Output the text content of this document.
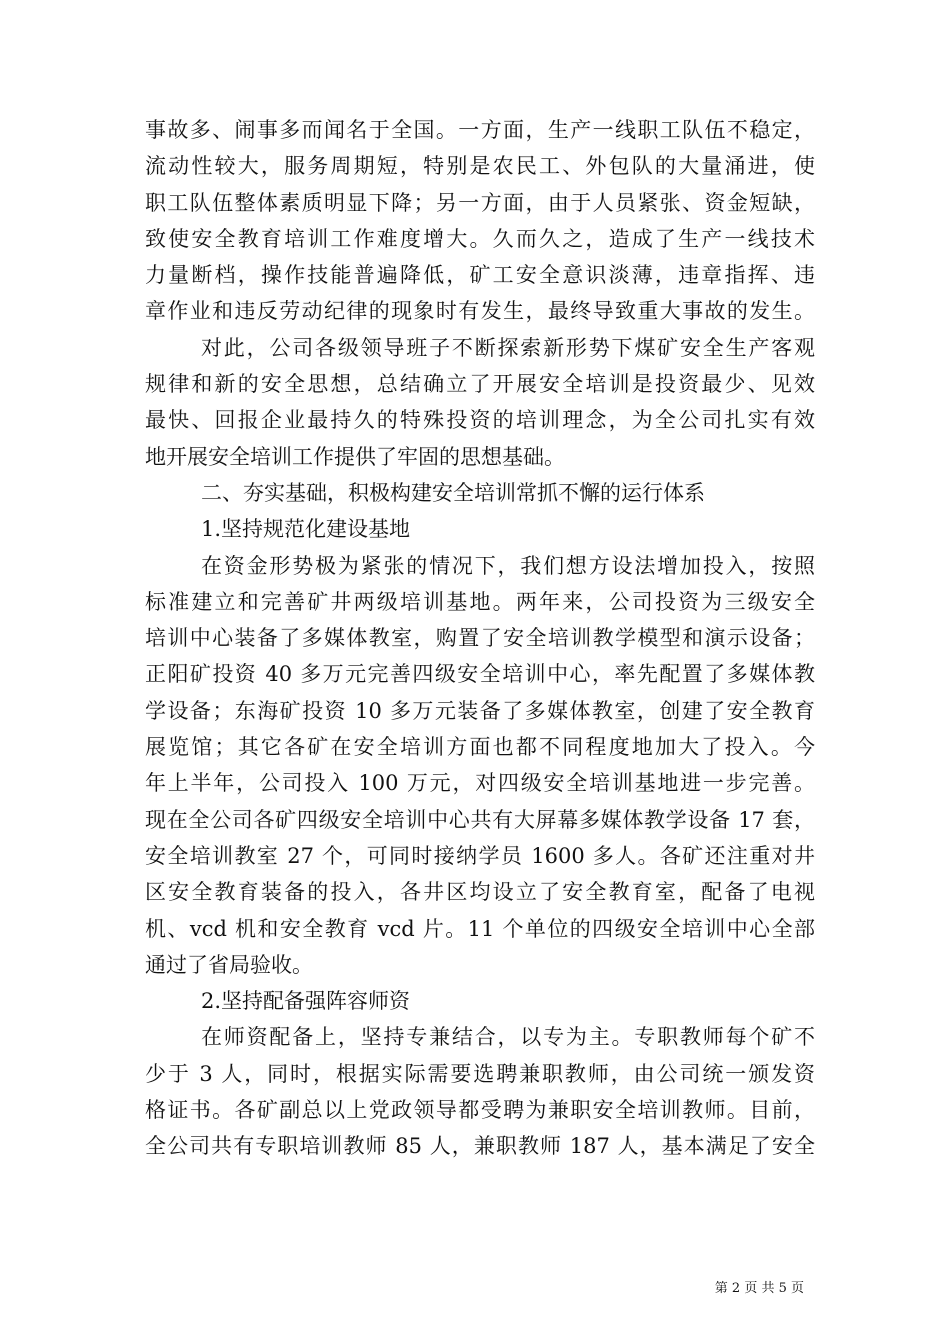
事故多、闹事多而闻名于全国。一方面，生产一线职工队伍不稳定，
流动性较大，服务周期短，特别是农民工、外包队的大量涌进，使
职工队伍整体素质明显下降；另一方面，由于人员紧张、资金短缺，
致使安全教育培训工作难度增大。久而久之，造成了生产一线技术
力量断档，操作技能普遍降低，矿工安全意识淡薄，违章指挥、违
章作业和违反劳动纪律的现象时有发生，最终导致重大事故的发生。
对此，公司各级领导班子不断探索新形势下煤矿安全生产客观
规律和新的安全思想，总结确立了开展安全培训是投资最少、见效
最快、回报企业最持久的特殊投资的培训理念，为全公司扎实有效
地开展安全培训工作提供了牢固的思想基础。
二、夯实基础，积极构建安全培训常抓不懈的运行体系
1.坚持规范化建设基地
在资金形势极为紧张的情况下，我们想方设法增加投入，按照
标准建立和完善矿井两级培训基地。两年来，公司投资为三级安全
培训中心装备了多媒体教室，购置了安全培训教学模型和演示设备；
正阳矿投资 40 多万元完善四级安全培训中心，率先配置了多媒体教
学设备；东海矿投资 10 多万元装备了多媒体教室，创建了安全教育
展览馆；其它各矿在安全培训方面也都不同程度地加大了投入。今
年上半年，公司投入 100 万元，对四级安全培训基地进一步完善。
现在全公司各矿四级安全培训中心共有大屏幕多媒体教学设备 17 套，
安全培训教室 27 个，可同时接纳学员 1600 多人。各矿还注重对井
区安全教育装备的投入，各井区均设立了安全教育室，配备了电视
机、vcd 机和安全教育 vcd 片。11 个单位的四级安全培训中心全部
通过了省局验收。
2.坚持配备强阵容师资
在师资配备上，坚持专兼结合，以专为主。专职教师每个矿不
少于 3 人，同时，根据实际需要选聘兼职教师，由公司统一颁发资
格证书。各矿副总以上党政领导都受聘为兼职安全培训教师。目前，
全公司共有专职培训教师 85 人，兼职教师 187 人，基本满足了安全
第 2 页 共 5 页
